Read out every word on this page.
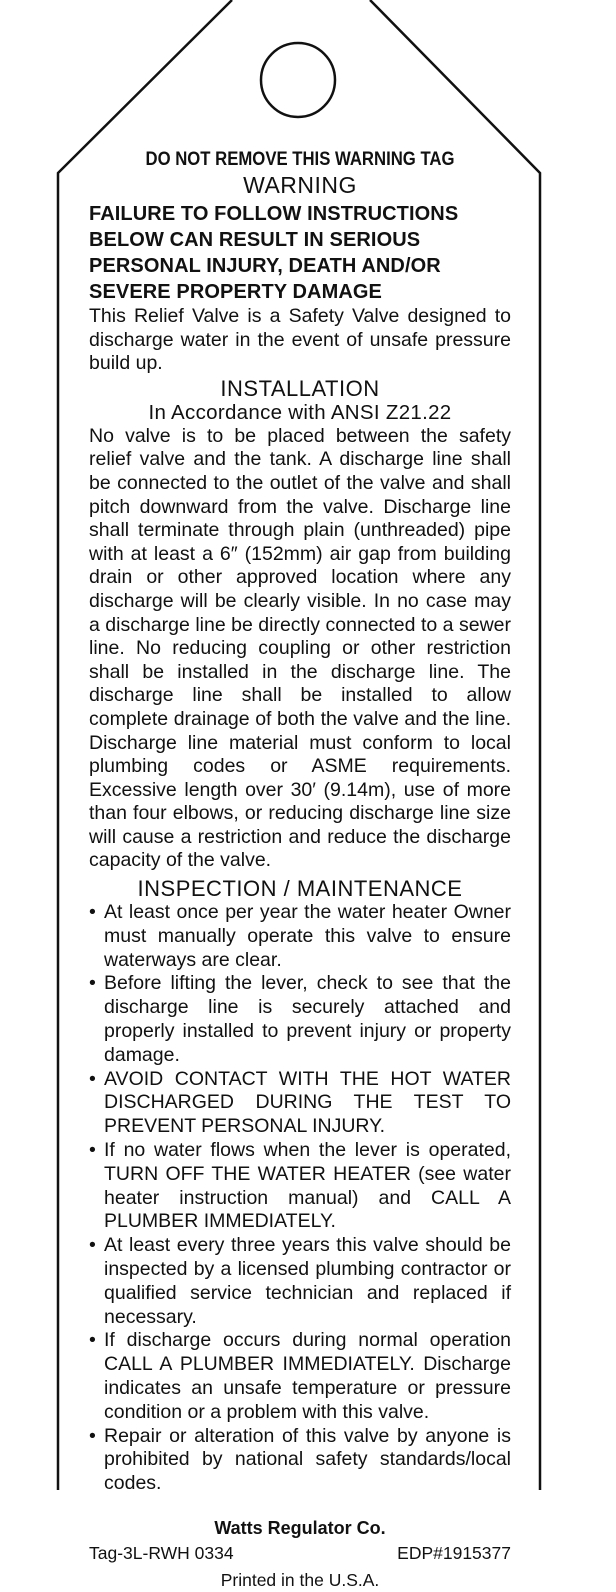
DO NOT REMOVE THIS WARNING TAG
WARNING

FAILURE TO FOLLOW INSTRUCTIONS BELOW CAN RESULT IN SERIOUS PERSONAL INJURY, DEATH AND/OR SEVERE PROPERTY DAMAGE

This Relief Valve is a Safety Valve designed to discharge water in the event of unsafe pressure build up.

INSTALLATION
In Accordance with ANSI Z21.22

No valve is to be placed between the safety relief valve and the tank. A discharge line shall be connected to the outlet of the valve and shall pitch downward from the valve. Discharge line shall terminate through plain (unthreaded) pipe with at least a 6″ (152mm) air gap from building drain or other approved location where any discharge will be clearly visible. In no case may a discharge line be directly connected to a sewer line. No reducing coupling or other restriction shall be installed in the discharge line. The discharge line shall be installed to allow complete drainage of both the valve and the line. Discharge line material must conform to local plumbing codes or ASME requirements. Excessive length over 30′ (9.14m), use of more than four elbows, or reducing discharge line size will cause a restriction and reduce the discharge capacity of the valve.

INSPECTION / MAINTENANCE
• At least once per year the water heater Owner must manually operate this valve to ensure waterways are clear.
• Before lifting the lever, check to see that the discharge line is securely attached and properly installed to prevent injury or property damage.
• AVOID CONTACT WITH THE HOT WATER DISCHARGED DURING THE TEST TO PREVENT PERSONAL INJURY.
• If no water flows when the lever is operated, TURN OFF THE WATER HEATER (see water heater instruction manual) and CALL A PLUMBER IMMEDIATELY.
• At least every three years this valve should be inspected by a licensed plumbing contractor or qualified service technician and replaced if necessary.
• If discharge occurs during normal operation CALL A PLUMBER IMMEDIATELY. Discharge indicates an unsafe temperature or pressure condition or a problem with this valve.
• Repair or alteration of this valve by anyone is prohibited by national safety standards/local codes.
Watts Regulator Co.
Tag-3L-RWH 0334	EDP#1915377
Printed in the U.S.A.
